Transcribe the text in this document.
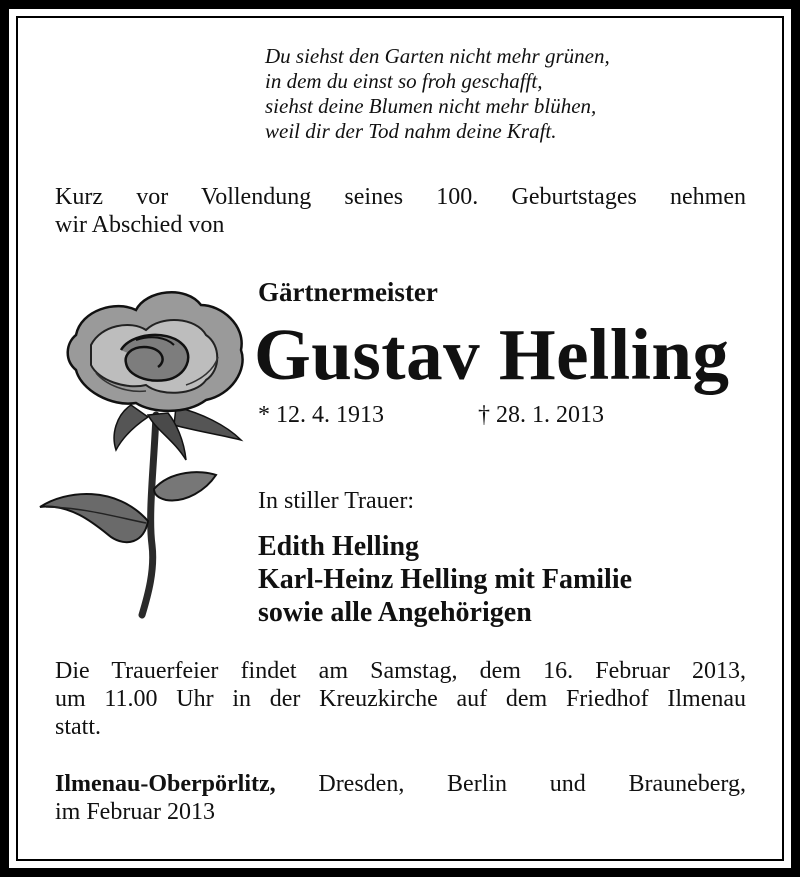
Du siehst den Garten nicht mehr grünen,
in dem du einst so froh geschafft,
siehst deine Blumen nicht mehr blühen,
weil dir der Tod nahm deine Kraft.
Kurz vor Vollendung seines 100. Geburtstages nehmen
wir Abschied von
Gärtnermeister
Gustav Helling
* 12. 4. 1913	† 28. 1. 2013
In stiller Trauer:
Edith Helling
Karl-Heinz Helling mit Familie
sowie alle Angehörigen
Die Trauerfeier findet am Samstag, dem 16. Februar 2013,
um 11.00 Uhr in der Kreuzkirche auf dem Friedhof Ilmenau
statt.
Ilmenau-Oberpörlitz, Dresden, Berlin und Brauneberg,
im Februar 2013
